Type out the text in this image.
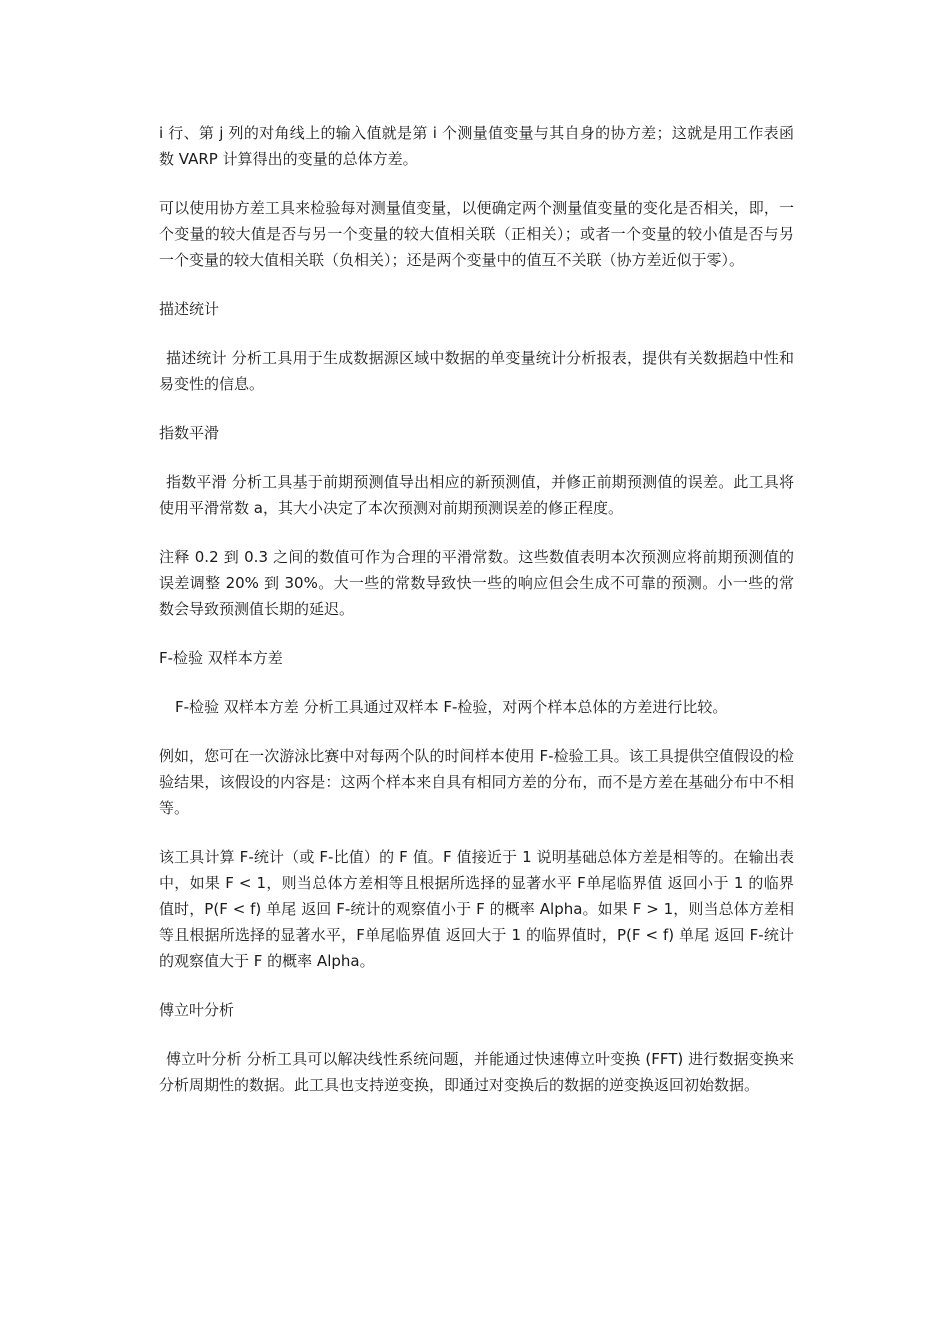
i 行、第 j 列的对角线上的输入值就是第 i 个测量值变量与其自身的协方差；这就是用工作表函数 VARP 计算得出的变量的总体方差。

可以使用协方差工具来检验每对测量值变量，以便确定两个测量值变量的变化是否相关，即，一个变量的较大值是否与另一个变量的较大值相关联（正相关）；或者一个变量的较小值是否与另一个变量的较大值相关联（负相关）；还是两个变量中的值互不关联（协方差近似于零）。

描述统计

描述统计 分析工具用于生成数据源区域中数据的单变量统计分析报表，提供有关数据趋中性和易变性的信息。

指数平滑

指数平滑 分析工具基于前期预测值导出相应的新预测值，并修正前期预测值的误差。此工具将使用平滑常数 a，其大小决定了本次预测对前期预测误差的修正程度。

注释 0.2 到 0.3 之间的数值可作为合理的平滑常数。这些数值表明本次预测应将前期预测值的误差调整 20% 到 30%。大一些的常数导致快一些的响应但会生成不可靠的预测。小一些的常数会导致预测值长期的延迟。

F-检验 双样本方差

F-检验 双样本方差 分析工具通过双样本 F-检验，对两个样本总体的方差进行比较。

例如，您可在一次游泳比赛中对每两个队的时间样本使用 F-检验工具。该工具提供空值假设的检验结果，该假设的内容是：这两个样本来自具有相同方差的分布，而不是方差在基础分布中不相等。

该工具计算 F-统计（或 F-比值）的 F 值。F 值接近于 1 说明基础总体方差是相等的。在输出表中，如果 F < 1，则当总体方差相等且根据所选择的显著水平 F单尾临界值 返回小于 1 的临界值时，P(F < f) 单尾 返回 F-统计的观察值小于 F 的概率 Alpha。如果 F > 1，则当总体方差相等且根据所选择的显著水平，F单尾临界值 返回大于 1 的临界值时，P(F < f) 单尾 返回 F-统计的观察值大于 F 的概率 Alpha。

傅立叶分析

傅立叶分析 分析工具可以解决线性系统问题，并能通过快速傅立叶变换 (FFT) 进行数据变换来分析周期性的数据。此工具也支持逆变换，即通过对变换后的数据的逆变换返回初始数据。
